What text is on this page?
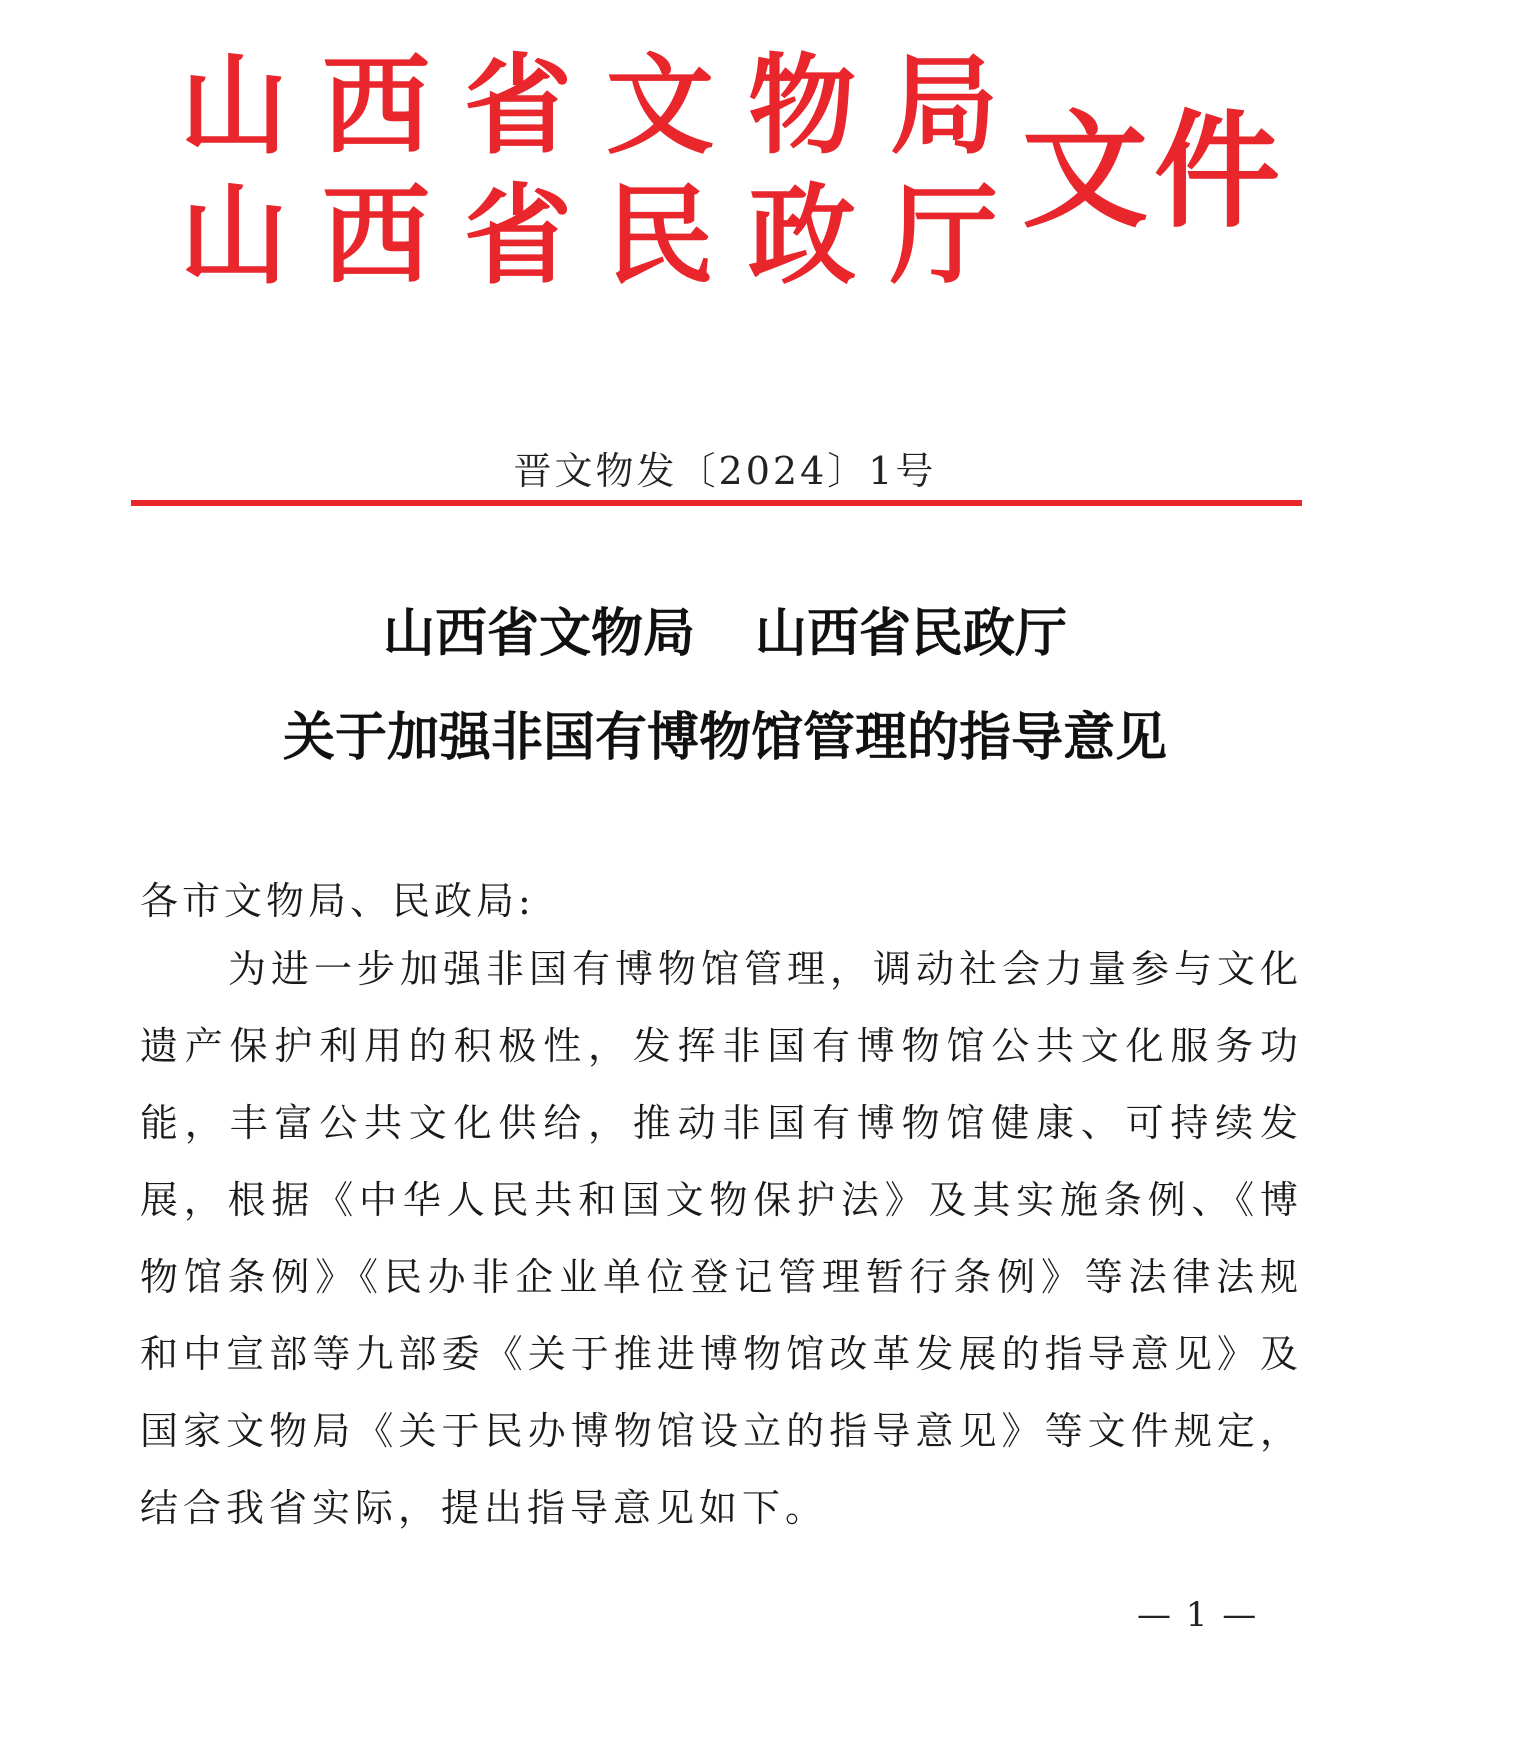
山西省文物局
山西省民政厅
文件
晋文物发〔2024〕1号
山西省文物局 山西省民政厅
关于加强非国有博物馆管理的指导意见
各市文物局、民政局:
为进一步加强非国有博物馆管理，调动社会力量参与文化
遗产保护利用的积极性，发挥非国有博物馆公共文化服务功
能，丰富公共文化供给，推动非国有博物馆健康、可持续发
展，根据《中华人民共和国文物保护法》及其实施条例、《博
物馆条例》《民办非企业单位登记管理暂行条例》等法律法规
和中宣部等九部委《关于推进博物馆改革发展的指导意见》及
国家文物局《关于民办博物馆设立的指导意见》等文件规定，
结合我省实际，提出指导意见如下。
— 1 —
